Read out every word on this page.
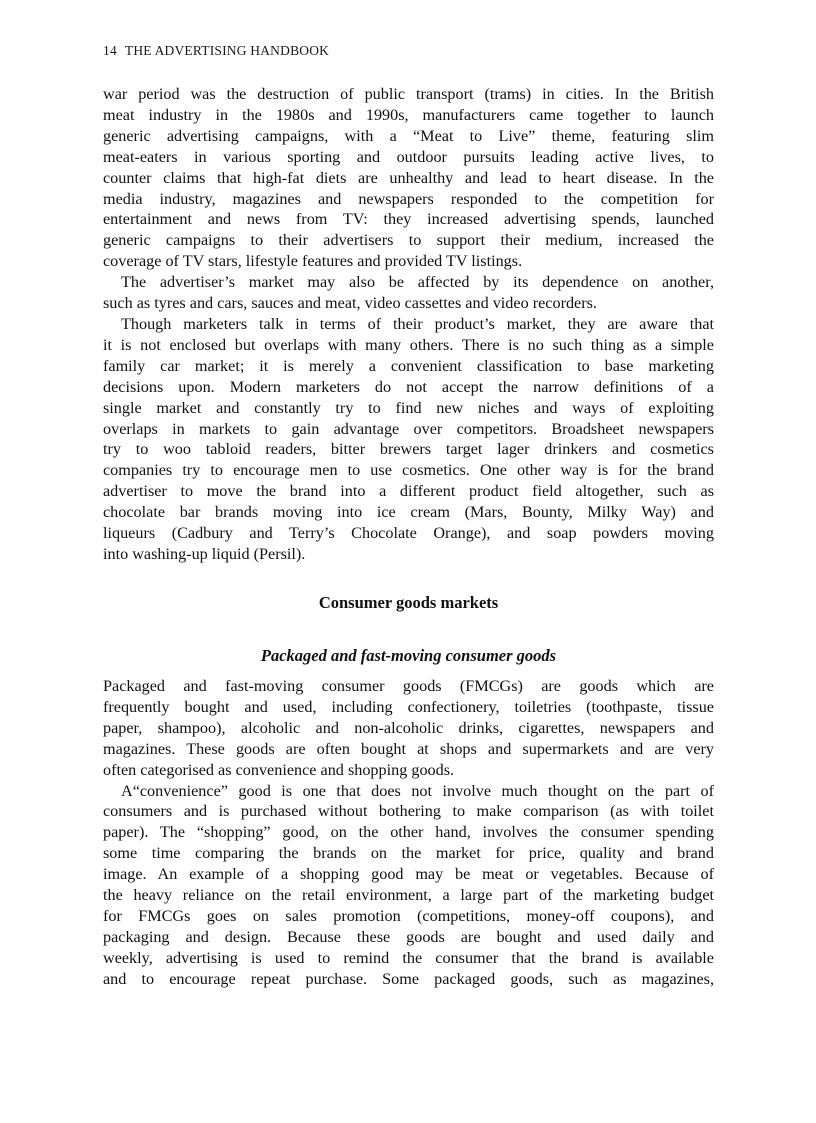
14 THE ADVERTISING HANDBOOK

war period was the destruction of public transport (trams) in cities. In the British
meat industry in the 1980s and 1990s, manufacturers came together to launch
generic advertising campaigns, with a “Meat to Live” theme, featuring slim
meat-eaters in various sporting and outdoor pursuits leading active lives, to
counter claims that high-fat diets are unhealthy and lead to heart disease. In the
media industry, magazines and newspapers responded to the competition for
entertainment and news from TV: they increased advertising spends, launched
generic campaigns to their advertisers to support their medium, increased the
coverage of TV stars, lifestyle features and provided TV listings.

The advertiser’s market may also be affected by its dependence on another,
such as tyres and cars, sauces and meat, video cassettes and video recorders.

Though marketers talk in terms of their product’s market, they are aware that
it is not enclosed but overlaps with many others. There is no such thing as a simple
family car market; it is merely a convenient classification to base marketing
decisions upon. Modern marketers do not accept the narrow definitions of a
single market and constantly try to find new niches and ways of exploiting
overlaps in markets to gain advantage over competitors. Broadsheet newspapers
try to woo tabloid readers, bitter brewers target lager drinkers and cosmetics
companies try to encourage men to use cosmetics. One other way is for the brand
advertiser to move the brand into a different product field altogether, such as
chocolate bar brands moving into ice cream (Mars, Bounty, Milky Way) and
liqueurs (Cadbury and Terry’s Chocolate Orange), and soap powders moving
into washing-up liquid (Persil).

Consumer goods markets
Packaged and fast-moving consumer goods

Packaged and fast-moving consumer goods (FMCGs) are goods which are
frequently bought and used, including confectionery, toiletries (toothpaste, tissue
paper, shampoo), alcoholic and non-alcoholic drinks, cigarettes, newspapers and
magazines. These goods are often bought at shops and supermarkets and are very
often categorised as convenience and shopping goods.

A“convenience” good is one that does not involve much thought on the part of
consumers and is purchased without bothering to make comparison (as with toilet
paper). The “shopping” good, on the other hand, involves the consumer spending
some time comparing the brands on the market for price, quality and brand
image. An example of a shopping good may be meat or vegetables. Because of
the heavy reliance on the retail environment, a large part of the marketing budget
for FMCGs goes on sales promotion (competitions, money-off coupons), and
packaging and design. Because these goods are bought and used daily and
weekly, advertising is used to remind the consumer that the brand is available
and to encourage repeat purchase. Some packaged goods, such as magazines,
